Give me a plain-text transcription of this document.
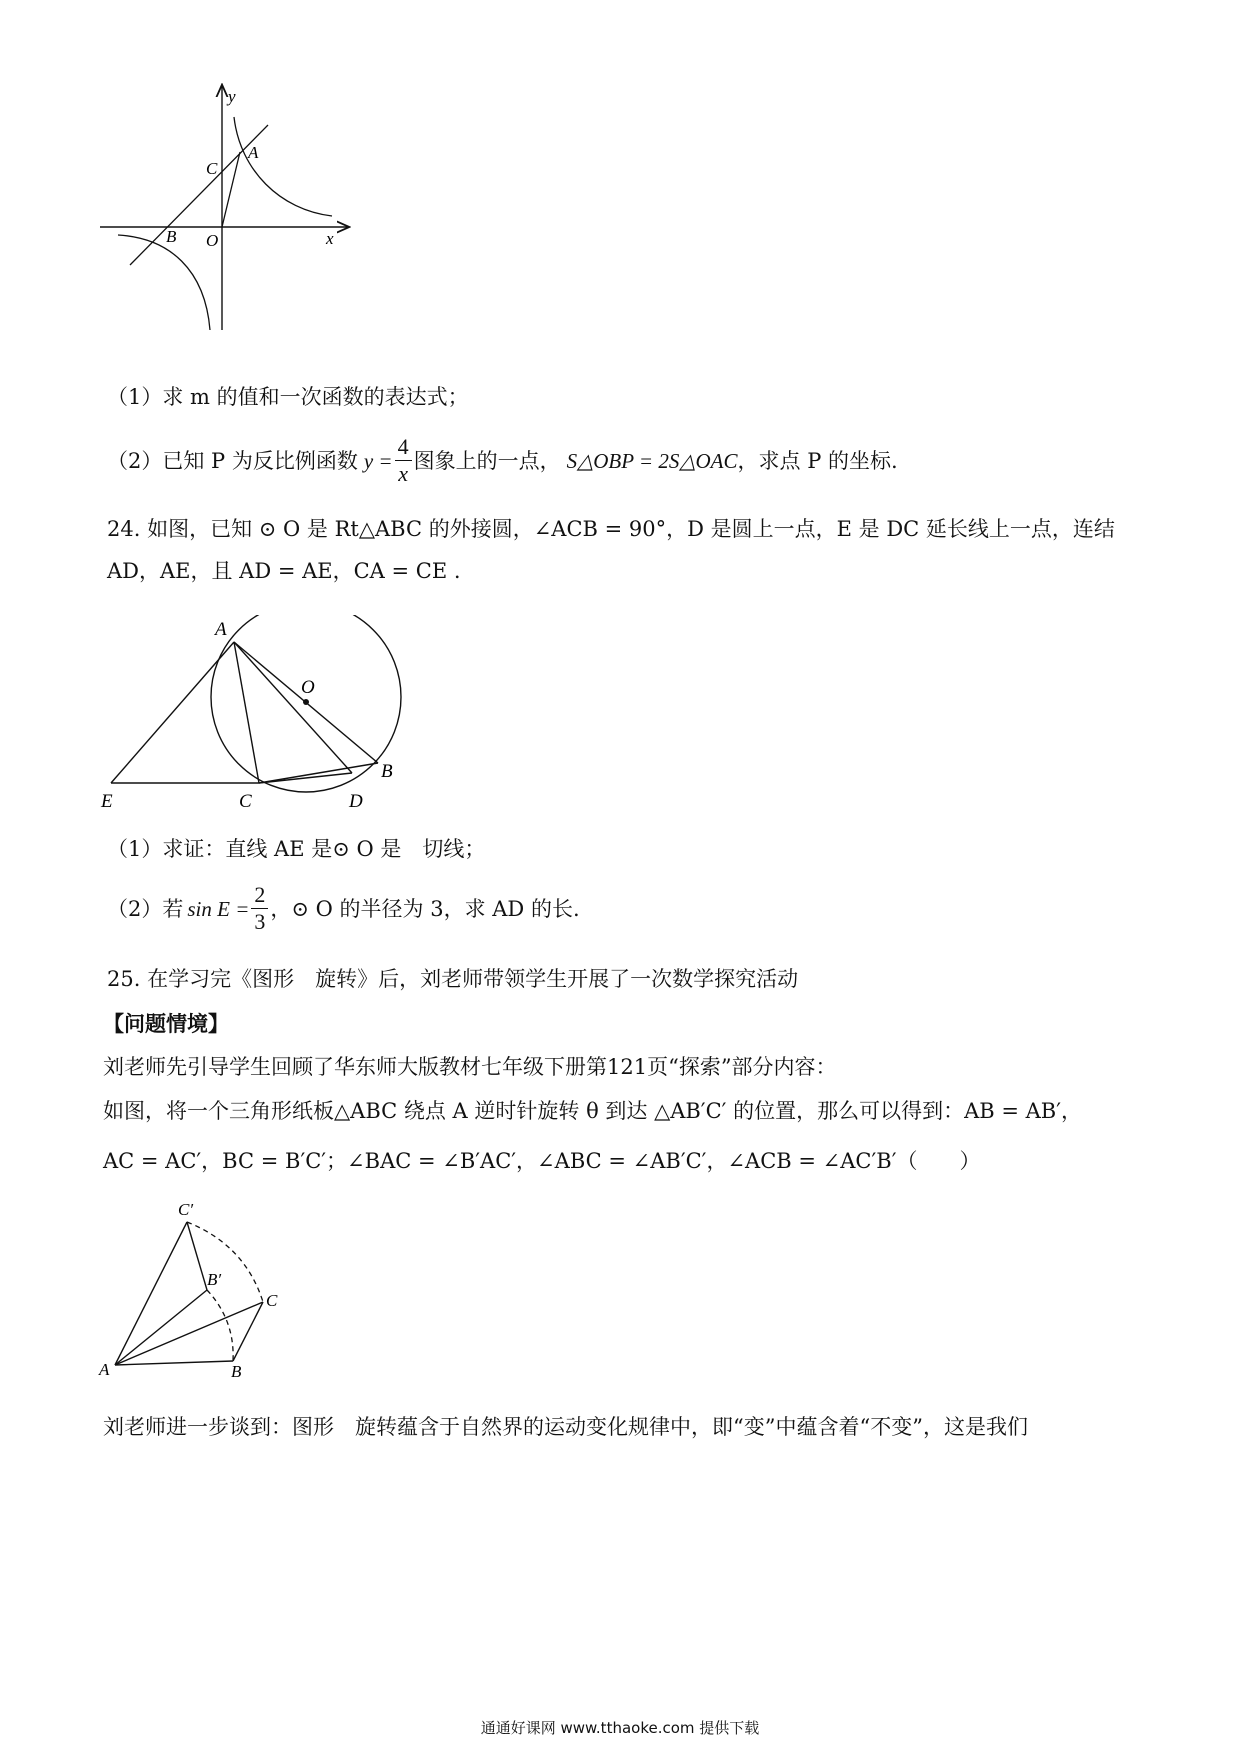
y
x
O
A
B
C
（1）求 m 的值和一次函数的表达式；
（2）已知 P 为反比例函数 $y = \frac{4}{x}$ 图象上的一点， S△OBP = 2S△OAC ，求点 P 的坐标.
24. 如图，已知 ⊙ O 是 Rt△ABC 的外接圆，∠ACB = 90°，D 是圆上一点，E 是 DC 延长线上一点，连结
AD，AE，且 AD = AE，CA = CE .
A
O
B
C	D
E
（1）求证：直线 AE 是⊙ O 是　切线；
（2）若 $\sin E = \frac{2}{3}$ ，⊙ O 的半径为 3，求 AD 的长.
25. 在学习完《图形　旋转》后，刘老师带领学生开展了一次数学探究活动
【问题情境】
刘老师先引导学生回顾了华东师大版教材七年级下册第121页“探索”部分内容：
如图，将一个三角形纸板△ABC 绕点 A 逆时针旋转 θ 到达 △AB′C′ 的位置，那么可以得到：AB = AB′，
AC = AC′，BC = B′C′；∠BAC = ∠B′AC′，∠ABC = ∠AB′C′，∠ACB = ∠AC′B′（　　）
C′
B′
C
A	B
刘老师进一步谈到：图形　旋转蕴含于自然界的运动变化规律中，即“变”中蕴含着“不变”，这是我们
通通好课网 www.tthaoke.com 提供下载
